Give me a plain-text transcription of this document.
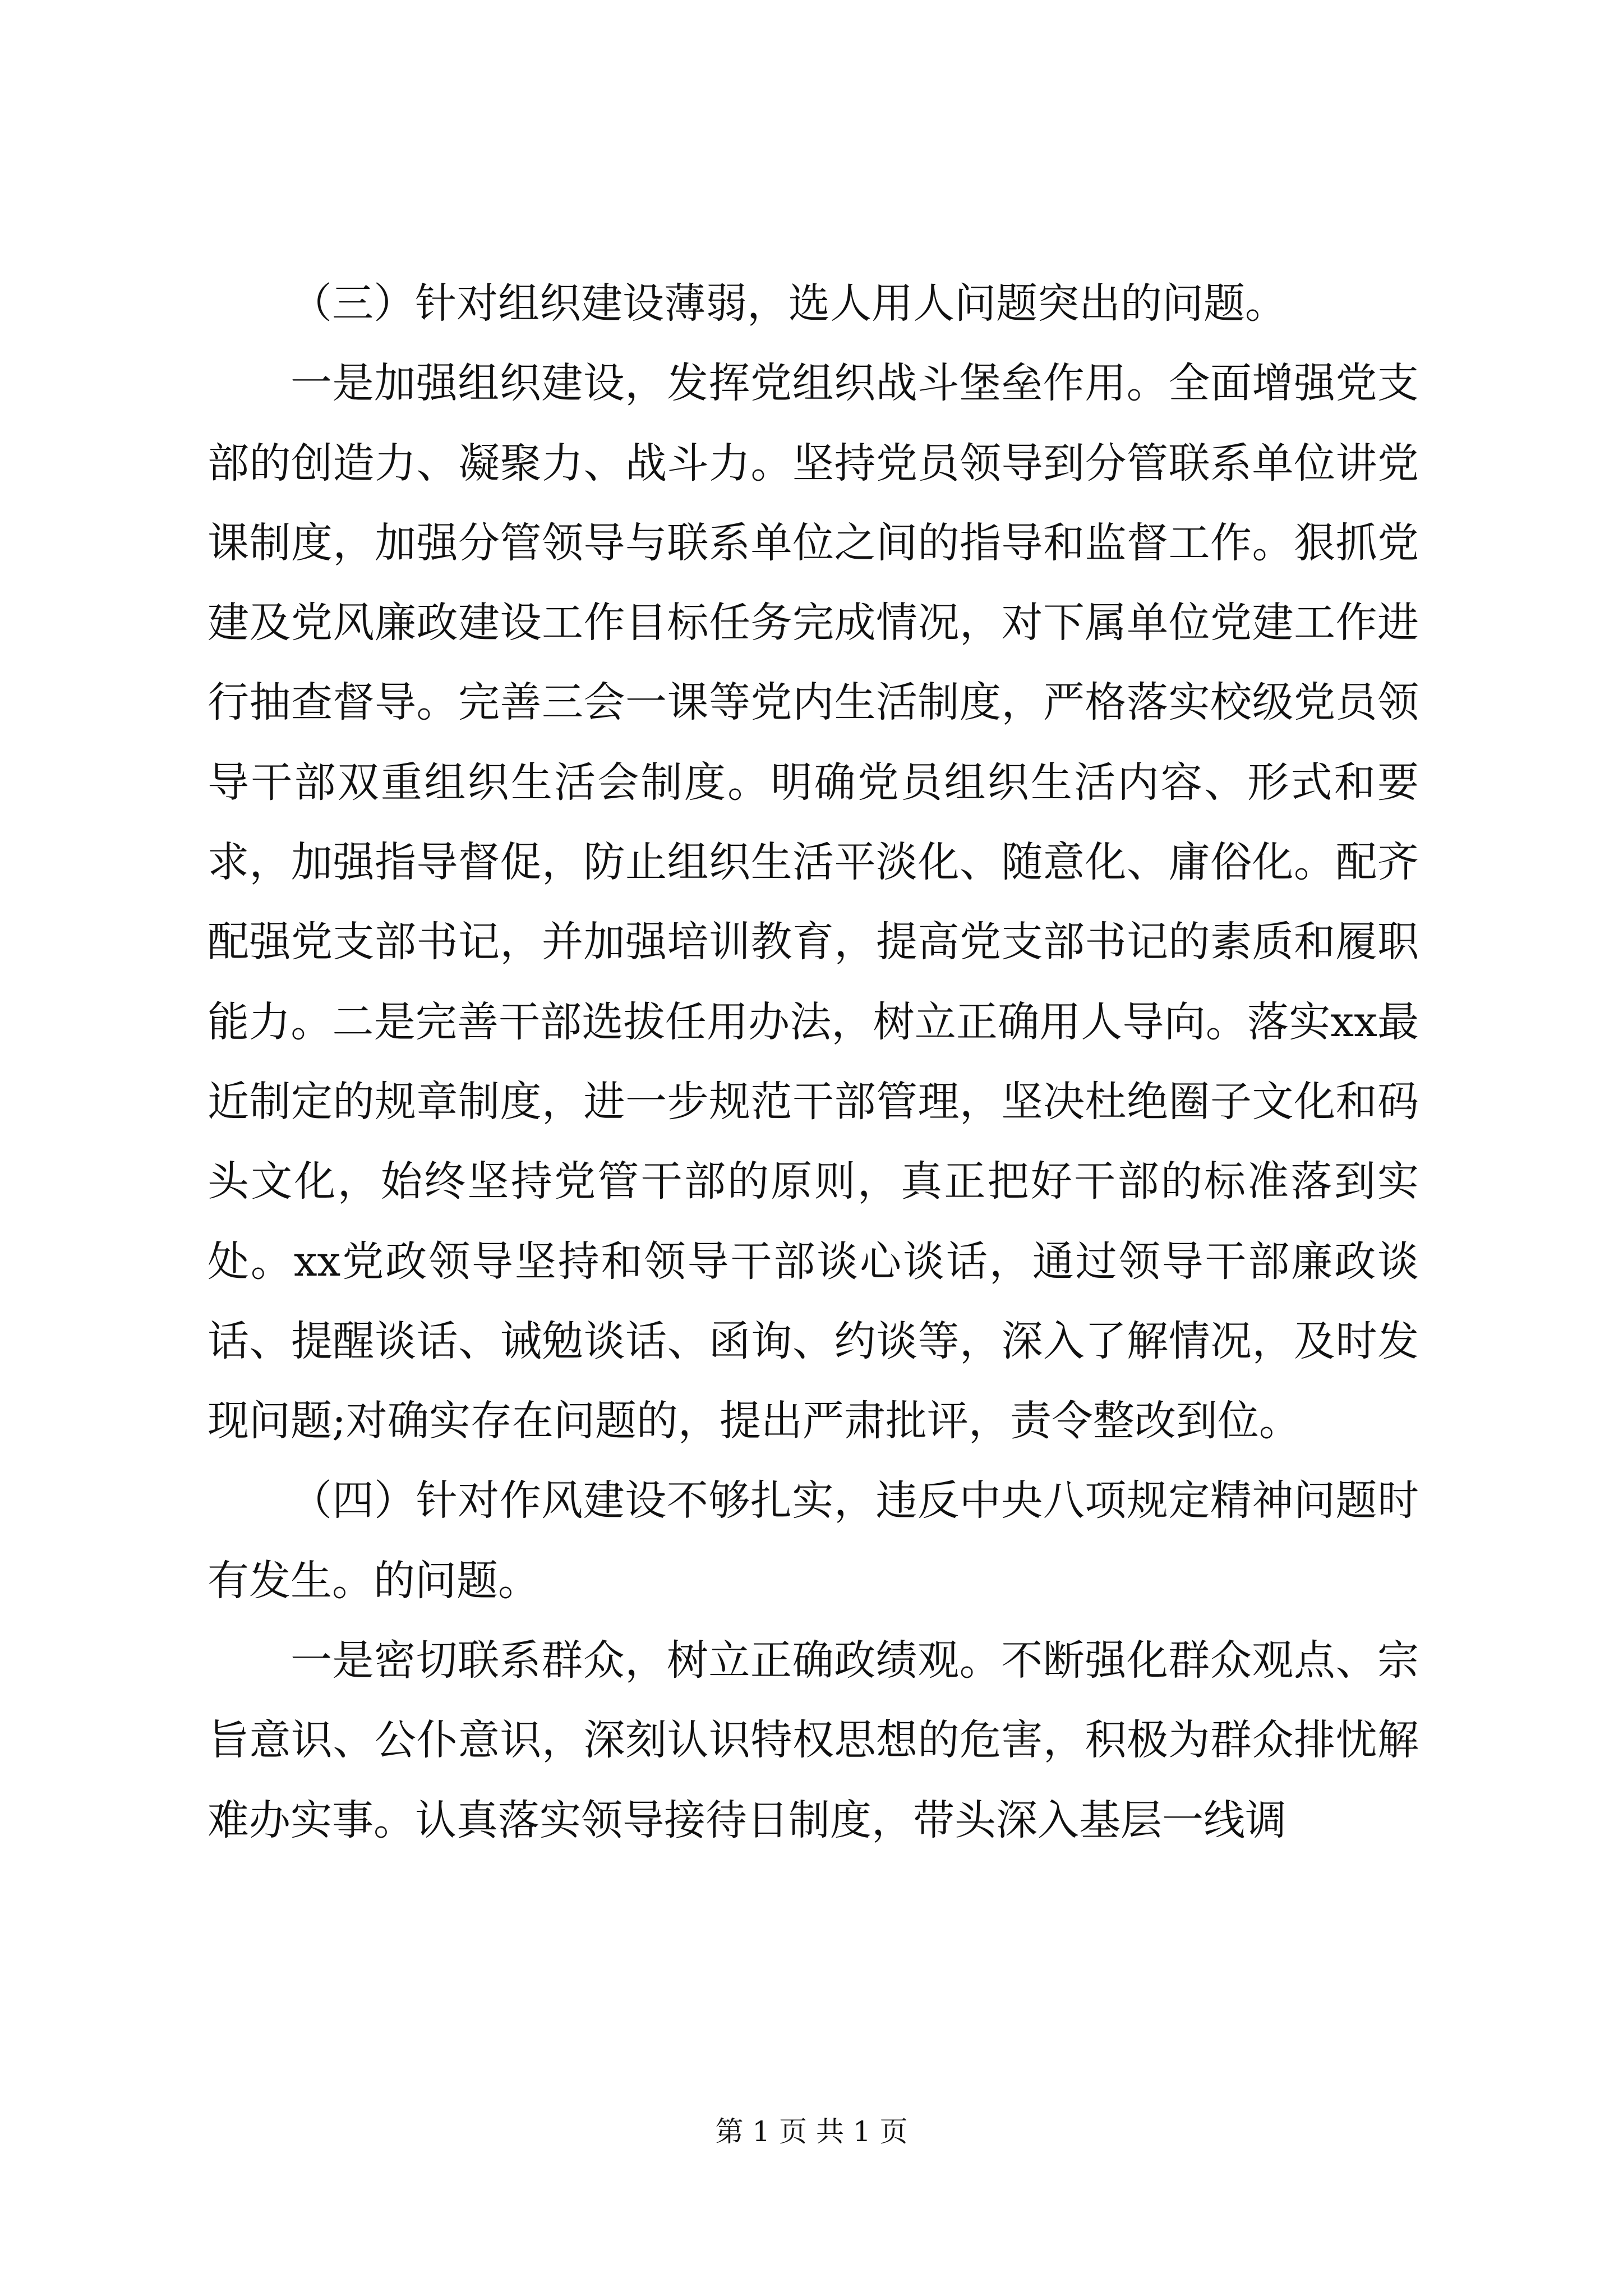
（三）针对组织建设薄弱，选人用人问题突出的问题。

一是加强组织建设，发挥党组织战斗堡垒作用。全面增强党支部的创造力、凝聚力、战斗力。坚持党员领导到分管联系单位讲党课制度，加强分管领导与联系单位之间的指导和监督工作。狠抓党建及党风廉政建设工作目标任务完成情况，对下属单位党建工作进行抽查督导。完善三会一课等党内生活制度，严格落实校级党员领导干部双重组织生活会制度。明确党员组织生活内容、形式和要求，加强指导督促，防止组织生活平淡化、随意化、庸俗化。配齐配强党支部书记，并加强培训教育，提高党支部书记的素质和履职能力。二是完善干部选拔任用办法，树立正确用人导向。落实xx最近制定的规章制度，进一步规范干部管理，坚决杜绝圈子文化和码头文化，始终坚持党管干部的原则，真正把好干部的标准落到实处。xx党政领导坚持和领导干部谈心谈话，通过领导干部廉政谈话、提醒谈话、诫勉谈话、函询、约谈等，深入了解情况，及时发现问题;对确实存在问题的，提出严肃批评，责令整改到位。

（四）针对作风建设不够扎实，违反中央八项规定精神问题时有发生。的问题。

一是密切联系群众，树立正确政绩观。不断强化群众观点、宗旨意识、公仆意识，深刻认识特权思想的危害，积极为群众排忧解难办实事。认真落实领导接待日制度，带头深入基层一线调

第 1 页 共 1 页
